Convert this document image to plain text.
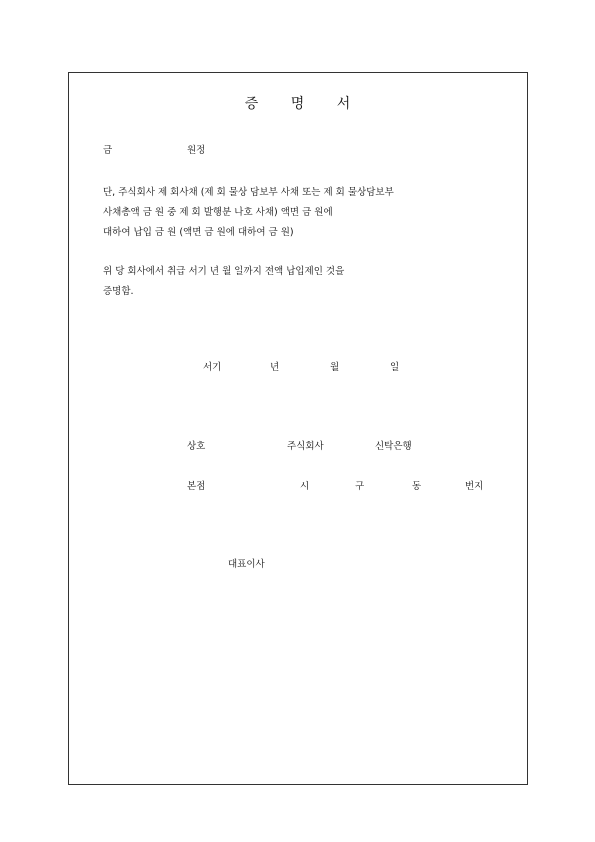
증 명 서
금	원정
단, 주식회사 제 회사채 (제 회 물상 담보부 사채 또는 제 회 물상담보부
사채총액 금 원 중 제 회 발행분 나호 사채) 액면 금 원에
대하여 납입 금 원 (액면 금 원에 대하여 금 원)
위 당 회사에서 취급 서기 년 월 일까지 전액 납입제인 것을
증명함.
서기	년	월	일
상호	주식회사	신탁은행
본점	시	구	동	번지
대표이사
